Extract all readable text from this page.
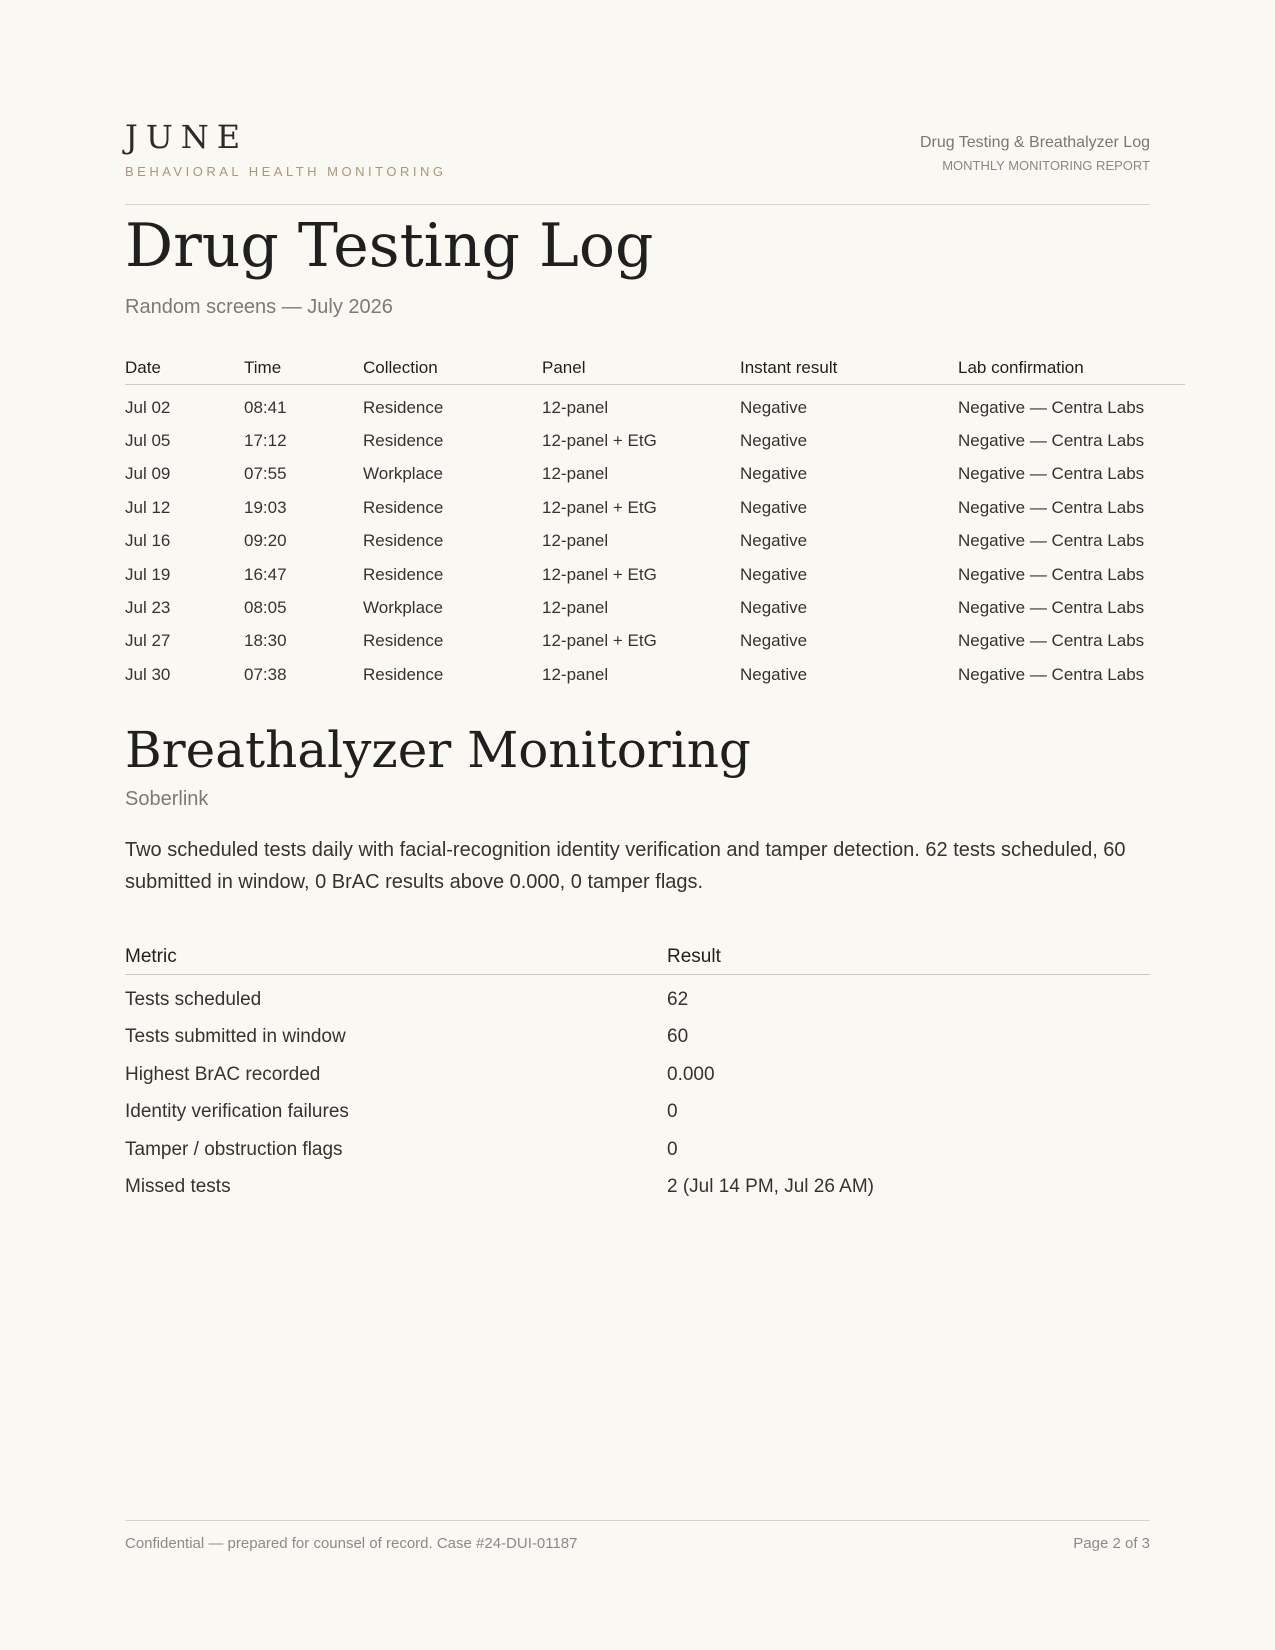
JUNE
BEHAVIORAL HEALTH MONITORING
Drug Testing & Breathalyzer Log
MONTHLY MONITORING REPORT
Drug Testing Log
Random screens — July 2026
Date	Time	Collection	Panel	Instant result	Lab confirmation
Jul 02	08:41	Residence	12-panel	Negative	Negative — Centra Labs
Jul 05	17:12	Residence	12-panel + EtG	Negative	Negative — Centra Labs
Jul 09	07:55	Workplace	12-panel	Negative	Negative — Centra Labs
Jul 12	19:03	Residence	12-panel + EtG	Negative	Negative — Centra Labs
Jul 16	09:20	Residence	12-panel	Negative	Negative — Centra Labs
Jul 19	16:47	Residence	12-panel + EtG	Negative	Negative — Centra Labs
Jul 23	08:05	Workplace	12-panel	Negative	Negative — Centra Labs
Jul 27	18:30	Residence	12-panel + EtG	Negative	Negative — Centra Labs
Jul 30	07:38	Residence	12-panel	Negative	Negative — Centra Labs
Breathalyzer Monitoring
Soberlink

Two scheduled tests daily with facial-recognition identity verification and tamper detection. 62 tests scheduled, 60 submitted in window, 0 BrAC results above 0.000, 0 tamper flags.

Metric	Result
Tests scheduled	62
Tests submitted in window	60
Highest BrAC recorded	0.000
Identity verification failures	0
Tamper / obstruction flags	0
Missed tests	2 (Jul 14 PM, Jul 26 AM)
Confidential — prepared for counsel of record. Case #24-DUI-01187	Page 2 of 3
